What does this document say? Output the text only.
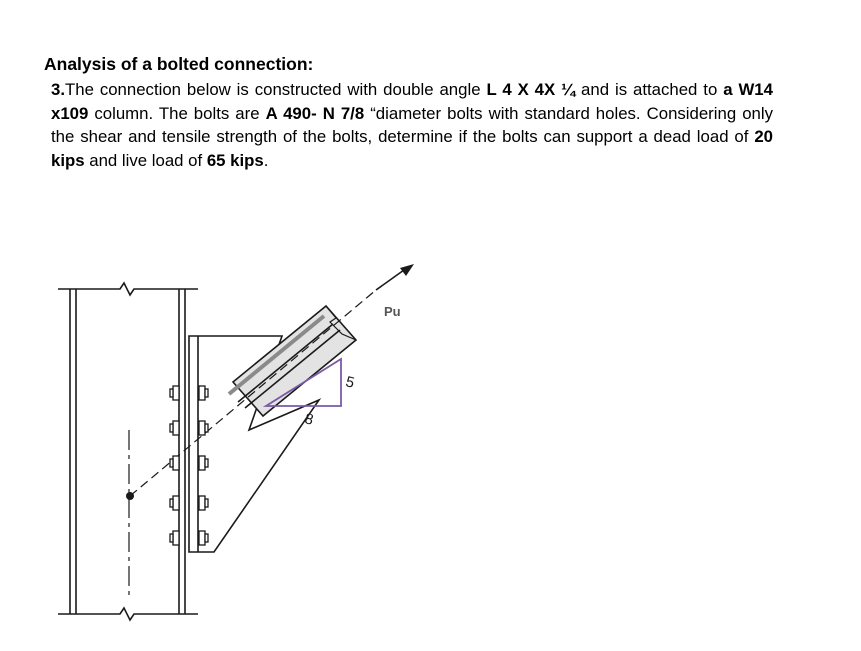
Analysis of a bolted connection:

3.The connection below is constructed with double angle L 4 X 4X ¼ and is attached to a W14 x109 column. The bolts are A 490- N 7/8 “diameter bolts with standard holes. Considering only the shear and tensile strength of the bolts, determine if the bolts can support a dead load of 20 kips and live load of 65 kips.

Pu
5
8
